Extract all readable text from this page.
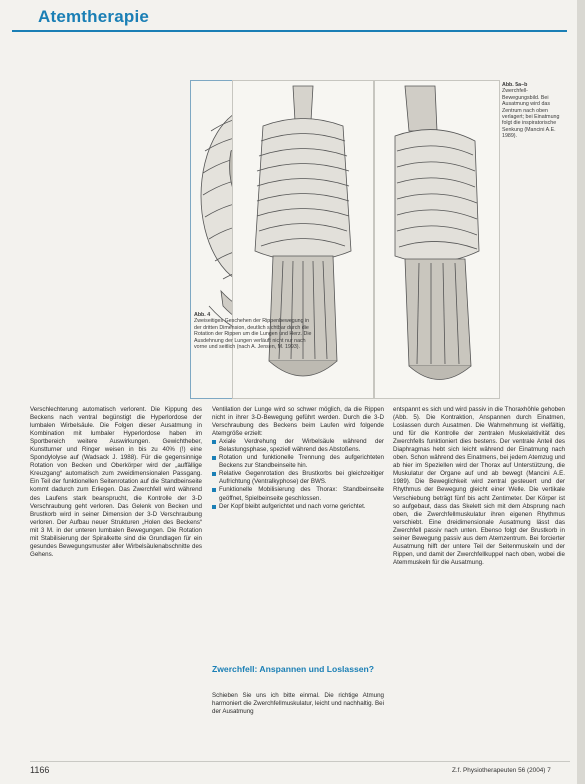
Atemtherapie
Abb. 4
Zweiseitiges Geschehen der Rippenbewegung in der dritten Dimension, deutlich sichtbar durch die Rotation der Rippen um die Lungen und Herz. Die Ausdehnung der Lungen verläuft nicht nur nach vorne und seitlich (nach A. Jensen, M. 1993).
Abb. 5a–b
Zwerchfell-Bewegungsbild. Bei Ausatmung wird das Zentrum nach oben verlagert; bei Einatmung folgt die inspiratorische Senkung (Mancini A.E. 1989).
Verschlechterung automatisch verlorent. Die Kippung des Beckens nach ventral begünstigt die Hyperlordose der lumbalen Wirbelsäule. Die Folgen dieser Ausatmung in Kombination mit lumbaler Hyperlordose haben im Sportbereich weitere Auswirkungen. Gewichtheber, Kunstturner und Ringer weisen in bis zu 40% (!) eine Spondylolyse auf (Wadsack J. 1988). Für die gegensinnige Rotation von Becken und Oberkörper wird der „auffällige Kreuzgang“ automatisch zum zweidimensionalen Passgang. Ein Teil der funktionellen Seitenrotation auf die Standbeinseite kommt dadurch zum Erliegen. Das Zwerchfell wird während des Laufens stark beansprucht, die Kontrolle der 3-D Verschraubung geht verloren. Das Gelenk von Becken und Brustkorb wird in seiner Dimension der 3-D Verschraubung verloren. Der Aufbau neuer Strukturen „Holen des Beckens“ mit 3 M. in der unteren lumbalen Bewegungen. Die Rotation mit Stabilisierung der Spiralkette sind die Grundlagen für ein gesundes Bewegungsmuster aller Wirbelsäulenabschnitte des Gehens.
Ventilation der Lunge wird so schwer möglich, da die Rippen nicht in ihrer 3-D-Bewegung geführt werden. Durch die 3-D Verschraubung des Beckens beim Laufen wird folgende Atemgröße erzielt:
Axiale Verdrehung der Wirbelsäule während der Belastungsphase, speziell während des Abstoßens.
Rotation und funktionelle Trennung des aufgerichteten Beckens zur Standbeinseite hin.
Relative Gegenrotation des Brustkorbs bei gleichzeitiger Aufrichtung (Ventralkyphose) der BWS.
Funktionelle Mobilisierung des Thorax: Standbeinseite geöffnet, Spielbeinseite geschlossen.
Der Kopf bleibt aufgerichtet und nach vorne gerichtet.
Zwerchfell: Anspannen und Loslassen?
Schieben Sie uns ich bitte einmal. Die richtige Atmung harmoniert die Zwerchfellmuskulatur, leicht und nachhaltig. Bei der Ausatmung
entspannt es sich und wird passiv in die Thoraxhöhle gehoben (Abb. 5). Die Kontraktion, Anspannen durch Einatmen, Loslassen durch Ausatmen. Die Wahrnehmung ist vielfältig, und für die Kontrolle der zentralen Muskelaktivität des Zwerchfells funktioniert dies bestens. Der ventrale Anteil des Diaphragmas hebt sich leicht während der Einatmung nach oben. Schon während des Einatmens, bei jedem Atemzug und ab hier im Speziellen wird der Thorax auf Unterstützung, die Muskulatur der Organe auf und ab bewegt (Mancini A.E. 1989). Die Beweglichkeit wird zentral gesteuert und der Rhythmus der Bewegung gleicht einer Welle. Die vertikale Verschiebung beträgt fünf bis acht Zentimeter. Der Körper ist so aufgebaut, dass das Skelett sich mit dem Absprung nach oben, die Zwerchfellmuskulatur ihren eigenen Rhythmus verschiebt. Eine dreidimensionale Ausatmung lässt das Zwerchfell passiv nach unten. Ebenso folgt der Brustkorb in seiner Bewegung passiv aus dem Atemzentrum. Bei forcierter Ausatmung hilft der untere Teil der Seitenmuskeln und der Rippen, und damit der Zwerchfellkuppel nach oben, wobei die Atemmuskeln für die Ausatmung.
1166	Z.f. Physiotherapeuten 56 (2004) 7
